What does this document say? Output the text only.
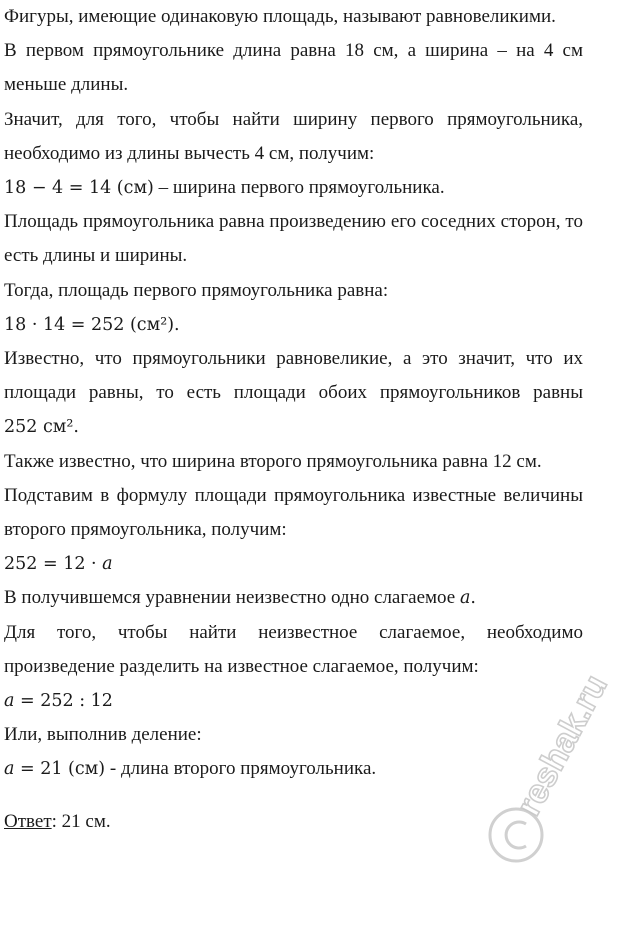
Фигуры, имеющие одинаковую площадь, называют равновеликими.

В первом прямоугольнике длина равна 18 см, а ширина – на 4 см меньше длины.

Значит, для того, чтобы найти ширину первого прямоугольника, необходимо из длины вычесть 4 см, получим:

18 − 4 = 14 (см) – ширина первого прямоугольника.

Площадь прямоугольника равна произведению его соседних сторон, то есть длины и ширины.

Тогда, площадь первого прямоугольника равна:

18 · 14 = 252 (см²).

Известно, что прямоугольники равновеликие, а это значит, что их площади равны, то есть площади обоих прямоугольников равны

252 см².

Также известно, что ширина второго прямоугольника равна 12 см.

Подставим в формулу площади прямоугольника известные величины второго прямоугольника, получим:

252 = 12 · a

В получившемся уравнении неизвестно одно слагаемое a.

Для того, чтобы найти неизвестное слагаемое, необходимо произведение разделить на известное слагаемое, получим:

a = 252 : 12

Или, выполнив деление:

a = 21 (см) - длина второго прямоугольника.

Ответ: 21 см.	reshak.ru
